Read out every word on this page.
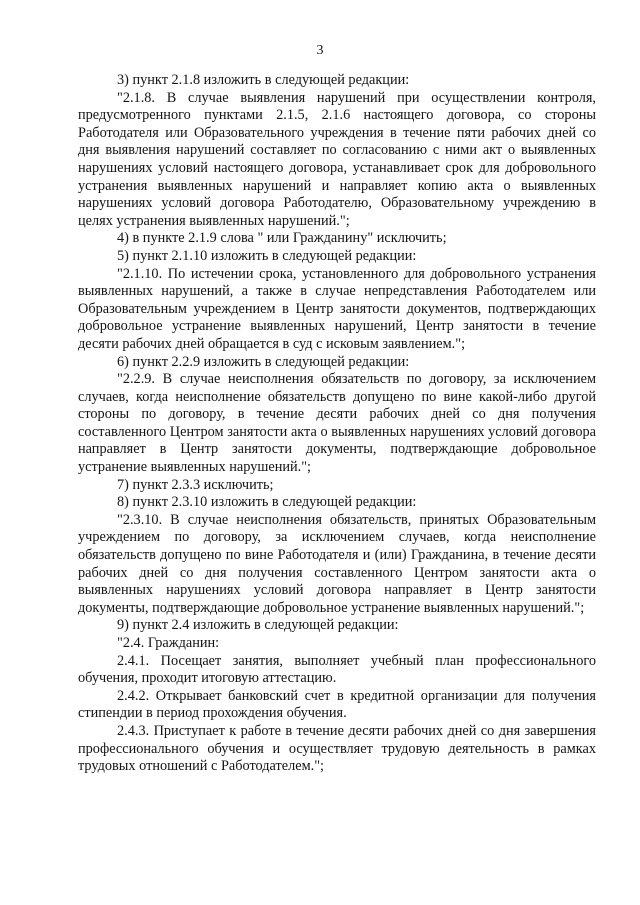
3

3) пункт 2.1.8 изложить в следующей редакции:

"2.1.8. В случае выявления нарушений при осуществлении контроля, предусмотренного пунктами 2.1.5, 2.1.6 настоящего договора, со стороны Работодателя или Образовательного учреждения в течение пяти рабочих дней со дня выявления нарушений составляет по согласованию с ними акт о выявленных нарушениях условий настоящего договора, устанавливает срок для добровольного устранения выявленных нарушений и направляет копию акта о выявленных нарушениях условий договора Работодателю, Образовательному учреждению в целях устранения выявленных нарушений.";

4) в пункте 2.1.9 слова " или Гражданину" исключить;

5) пункт 2.1.10 изложить в следующей редакции:

"2.1.10. По истечении срока, установленного для добровольного устранения выявленных нарушений, а также в случае непредставления Работодателем или Образовательным учреждением в Центр занятости документов, подтверждающих добровольное устранение выявленных нарушений, Центр занятости в течение десяти рабочих дней обращается в суд с исковым заявлением.";

6) пункт 2.2.9 изложить в следующей редакции:

"2.2.9. В случае неисполнения обязательств по договору, за исключением случаев, когда неисполнение обязательств допущено по вине какой-либо другой стороны по договору, в течение десяти рабочих дней со дня получения составленного Центром занятости акта о выявленных нарушениях условий договора направляет в Центр занятости документы, подтверждающие добровольное устранение выявленных нарушений.";

7) пункт 2.3.3 исключить;

8) пункт 2.3.10 изложить в следующей редакции:

"2.3.10. В случае неисполнения обязательств, принятых Образовательным учреждением по договору, за исключением случаев, когда неисполнение обязательств допущено по вине Работодателя и (или) Гражданина, в течение десяти рабочих дней со дня получения составленного Центром занятости акта о выявленных нарушениях условий договора направляет в Центр занятости документы, подтверждающие добровольное устранение выявленных нарушений.";

9) пункт 2.4 изложить в следующей редакции:

"2.4. Гражданин:

2.4.1. Посещает занятия, выполняет учебный план профессионального обучения, проходит итоговую аттестацию.

2.4.2. Открывает банковский счет в кредитной организации для получения стипендии в период прохождения обучения.

2.4.3. Приступает к работе в течение десяти рабочих дней со дня завершения профессионального обучения и осуществляет трудовую деятельность в рамках трудовых отношений с Работодателем.";
